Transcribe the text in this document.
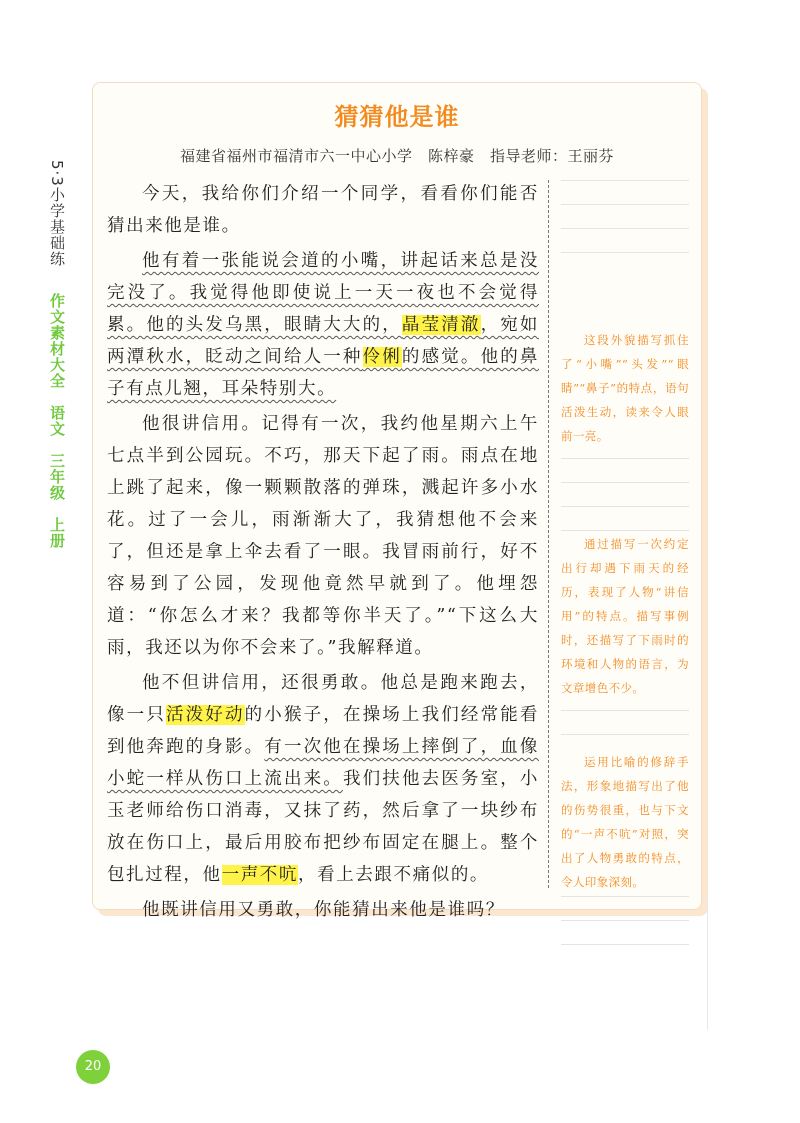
5·3小学基础练 作文素材大全 语文 三年级 上册
猜猜他是谁
福建省福州市福清市六一中心小学　陈梓豪　指导老师：王丽芬

今天，我给你们介绍一个同学，看看你们能否猜出来他是谁。

他有着一张能说会道的小嘴，讲起话来总是没完没了。我觉得他即使说上一天一夜也不会觉得累。他的头发乌黑，眼睛大大的，晶莹清澈，宛如两潭秋水，眨动之间给人一种伶俐的感觉。他的鼻子有点儿翘，耳朵特别大。

他很讲信用。记得有一次，我约他星期六上午七点半到公园玩。不巧，那天下起了雨。雨点在地上跳了起来，像一颗颗散落的弹珠，溅起许多小水花。过了一会儿，雨渐渐大了，我猜想他不会来了，但还是拿上伞去看了一眼。我冒雨前行，好不容易到了公园，发现他竟然早就到了。他埋怨道：“你怎么才来？我都等你半天了。”“下这么大雨，我还以为你不会来了。”我解释道。

他不但讲信用，还很勇敢。他总是跑来跑去，像一只活泼好动的小猴子，在操场上我们经常能看到他奔跑的身影。有一次他在操场上摔倒了，血像小蛇一样从伤口上流出来。我们扶他去医务室，小玉老师给伤口消毒，又抹了药，然后拿了一块纱布放在伤口上，最后用胶布把纱布固定在腿上。整个包扎过程，他一声不吭，看上去跟不痛似的。

他既讲信用又勇敢，你能猜出来他是谁吗？

这段外貌描写抓住了“小嘴”“头发”“眼睛”“鼻子”的特点，语句活泼生动，读来令人眼前一亮。
通过描写一次约定出行却遇下雨天的经历，表现了人物“讲信用”的特点。描写事例时，还描写了下雨时的环境和人物的语言，为文章增色不少。
运用比喻的修辞手法，形象地描写出了他的伤势很重，也与下文的“一声不吭”对照，突出了人物勇敢的特点，令人印象深刻。
20
